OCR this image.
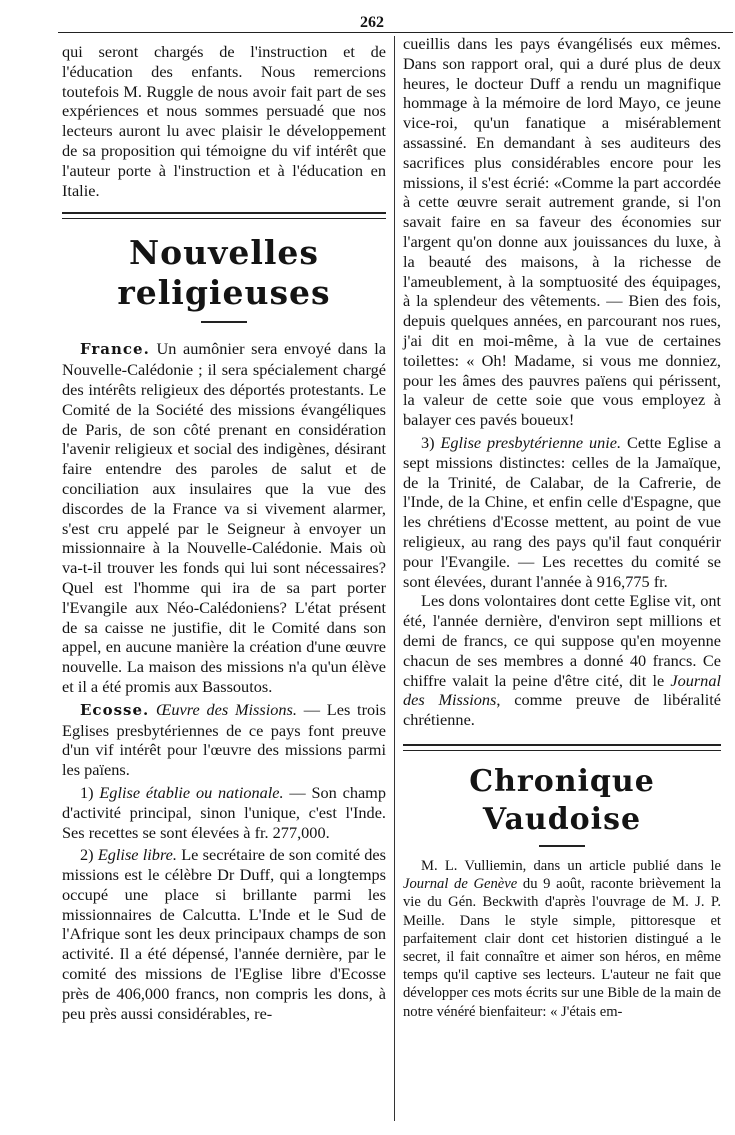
262

qui seront chargés de l'instruction et de l'éducation des enfants. Nous remercions toutefois M. Ruggle de nous avoir fait part de ses expériences et nous sommes persuadé que nos lecteurs auront lu avec plaisir le développement de sa proposition qui témoigne du vif intérêt que l'auteur porte à l'instruction et à l'éducation en Italie.

Nouvelles religieuses

France. Un aumônier sera envoyé dans la Nouvelle-Calédonie ; il sera spécialement chargé des intérêts religieux des déportés protestants. Le Comité de la Société des missions évangéliques de Paris, de son côté prenant en considération l'avenir religieux et social des indigènes, désirant faire entendre des paroles de salut et de conciliation aux insulaires que la vue des discordes de la France va si vivement alarmer, s'est cru appelé par le Seigneur à envoyer un missionnaire à la Nouvelle-Calédonie. Mais où va-t-il trouver les fonds qui lui sont nécessaires? Quel est l'homme qui ira de sa part porter l'Evangile aux Néo-Calédoniens? L'état présent de sa caisse ne justifie, dit le Comité dans son appel, en aucune manière la création d'une œuvre nouvelle. La maison des missions n'a qu'un élève et il a été promis aux Bassoutos.

Ecosse. Œuvre des Missions. — Les trois Eglises presbytériennes de ce pays font preuve d'un vif intérêt pour l'œuvre des missions parmi les païens.

1) Eglise établie ou nationale. — Son champ d'activité principal, sinon l'unique, c'est l'Inde. Ses recettes se sont élevées à fr. 277,000.

2) Eglise libre. Le secrétaire de son comité des missions est le célèbre Dr Duff, qui a longtemps occupé une place si brillante parmi les missionnaires de Calcutta. L'Inde et le Sud de l'Afrique sont les deux principaux champs de son activité. Il a été dépensé, l'année dernière, par le comité des missions de l'Eglise libre d'Ecosse près de 406,000 francs, non compris les dons, à peu près aussi considérables, re-

cueillis dans les pays évangélisés eux mêmes. Dans son rapport oral, qui a duré plus de deux heures, le docteur Duff a rendu un magnifique hommage à la mémoire de lord Mayo, ce jeune vice-roi, qu'un fanatique a misérablement assassiné. En demandant à ses auditeurs des sacrifices plus considérables encore pour les missions, il s'est écrié: «Comme la part accordée à cette œuvre serait autrement grande, si l'on savait faire en sa faveur des économies sur l'argent qu'on donne aux jouissances du luxe, à la beauté des maisons, à la richesse de l'ameublement, à la somptuosité des équipages, à la splendeur des vêtements. — Bien des fois, depuis quelques années, en parcourant nos rues, j'ai dit en moi-même, à la vue de certaines toilettes: « Oh! Madame, si vous me donniez, pour les âmes des pauvres païens qui périssent, la valeur de cette soie que vous employez à balayer ces pavés boueux!

3) Eglise presbytérienne unie. Cette Eglise a sept missions distinctes: celles de la Jamaïque, de la Trinité, de Calabar, de la Cafrerie, de l'Inde, de la Chine, et enfin celle d'Espagne, que les chrétiens d'Ecosse mettent, au point de vue religieux, au rang des pays qu'il faut conquérir pour l'Evangile. — Les recettes du comité se sont élevées, durant l'année à 916,775 fr.

Les dons volontaires dont cette Eglise vit, ont été, l'année dernière, d'environ sept millions et demi de francs, ce qui suppose qu'en moyenne chacun de ses membres a donné 40 francs. Ce chiffre valait la peine d'être cité, dit le Journal des Missions, comme preuve de libéralité chrétienne.

Chronique Vaudoise

M. L. Vulliemin, dans un article publié dans le Journal de Genève du 9 août, raconte brièvement la vie du Gén. Beckwith d'après l'ouvrage de M. J. P. Meille. Dans le style simple, pittoresque et parfaitement clair dont cet historien distingué a le secret, il fait connaître et aimer son héros, en même temps qu'il captive ses lecteurs. L'auteur ne fait que développer ces mots écrits sur une Bible de la main de notre vénéré bienfaiteur: « J'étais em-
